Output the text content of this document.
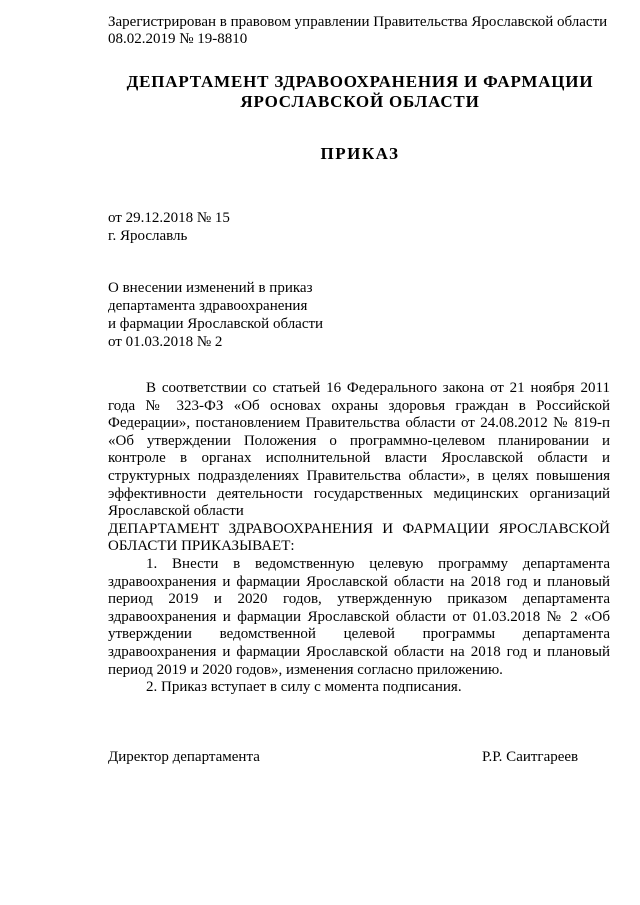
Зарегистрирован в правовом управлении Правительства Ярославской области
08.02.2019 № 19-8810
ДЕПАРТАМЕНТ ЗДРАВООХРАНЕНИЯ И ФАРМАЦИИ
ЯРОСЛАВСКОЙ ОБЛАСТИ
ПРИКАЗ
от 29.12.2018 № 15
г. Ярославль
О внесении изменений в приказ
департамента здравоохранения
и фармации Ярославской области
от 01.03.2018 № 2

В соответствии со статьей 16 Федерального закона от 21 ноября 2011 года № 323-ФЗ «Об основах охраны здоровья граждан в Российской Федерации», постановлением Правительства области от 24.08.2012 № 819-п «Об утверждении Положения о программно-целевом планировании и контроле в органах исполнительной власти Ярославской области и структурных подразделениях Правительства области», в целях повышения эффективности деятельности государственных медицинских организаций Ярославской области

ДЕПАРТАМЕНТ ЗДРАВООХРАНЕНИЯ И ФАРМАЦИИ ЯРОСЛАВСКОЙ ОБЛАСТИ ПРИКАЗЫВАЕТ:

1. Внести в ведомственную целевую программу департамента здравоохранения и фармации Ярославской области на 2018 год и плановый период 2019 и 2020 годов, утвержденную приказом департамента здравоохранения и фармации Ярославской области от 01.03.2018 № 2 «Об утверждении ведомственной целевой программы департамента здравоохранения и фармации Ярославской области на 2018 год и плановый период 2019 и 2020 годов», изменения согласно приложению.

2. Приказ вступает в силу с момента подписания.

Директор департамента	Р.Р. Саитгареев
